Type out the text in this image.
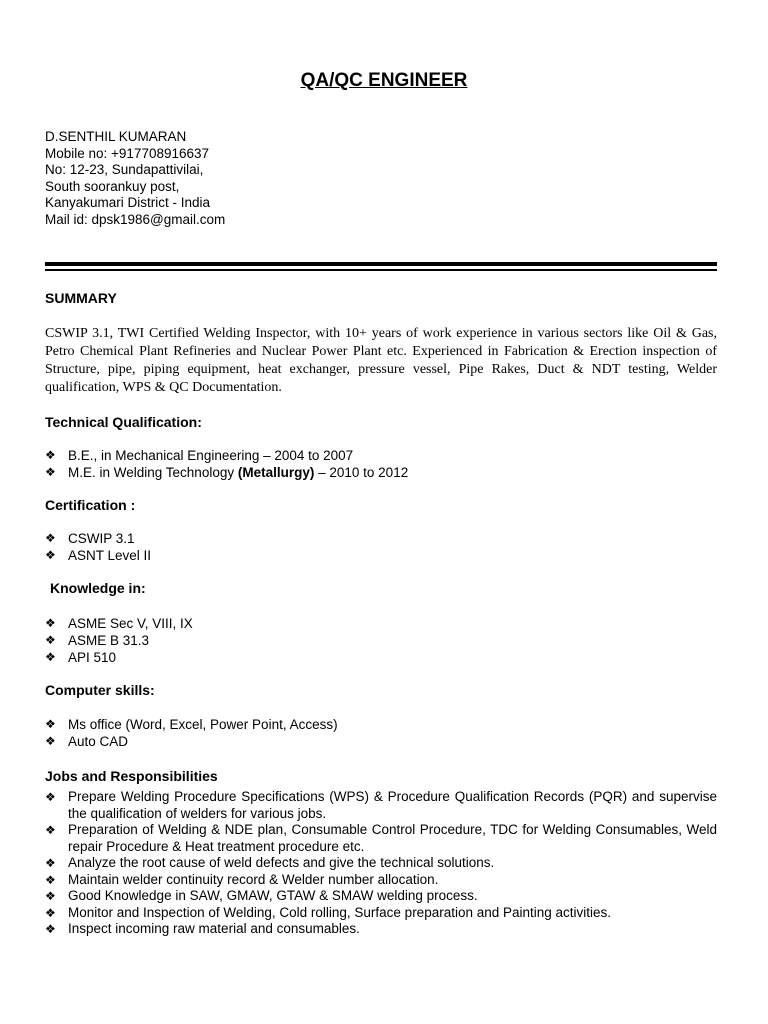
QA/QC ENGINEER
D.SENTHIL KUMARAN
Mobile no: +917708916637
No: 12-23, Sundapattivilai,
South soorankuy post,
Kanyakumari District - India
Mail id: dpsk1986@gmail.com
SUMMARY
CSWIP 3.1, TWI Certified Welding Inspector, with 10+ years of work experience in various sectors like Oil & Gas, Petro Chemical Plant Refineries and Nuclear Power Plant etc. Experienced in Fabrication & Erection inspection of Structure, pipe, piping equipment, heat exchanger, pressure vessel, Pipe Rakes, Duct & NDT testing, Welder qualification, WPS & QC Documentation.
Technical Qualification:
❖ B.E., in Mechanical Engineering – 2004 to 2007
❖ M.E. in Welding Technology (Metallurgy) – 2010 to 2012
Certification :
❖ CSWIP 3.1
❖ ASNT Level II
Knowledge in:
❖ ASME Sec V, VIII, IX
❖ ASME B 31.3
❖ API 510
Computer skills:
❖ Ms office (Word, Excel, Power Point, Access)
❖ Auto CAD
Jobs and Responsibilities
❖ Prepare Welding Procedure Specifications (WPS) & Procedure Qualification Records (PQR) and supervise the qualification of welders for various jobs.
❖ Preparation of Welding & NDE plan, Consumable Control Procedure, TDC for Welding Consumables, Weld repair Procedure & Heat treatment procedure etc.
❖ Analyze the root cause of weld defects and give the technical solutions.
❖ Maintain welder continuity record & Welder number allocation.
❖ Good Knowledge in SAW, GMAW, GTAW & SMAW welding process.
❖ Monitor and Inspection of Welding, Cold rolling, Surface preparation and Painting activities.
❖ Inspect incoming raw material and consumables.
